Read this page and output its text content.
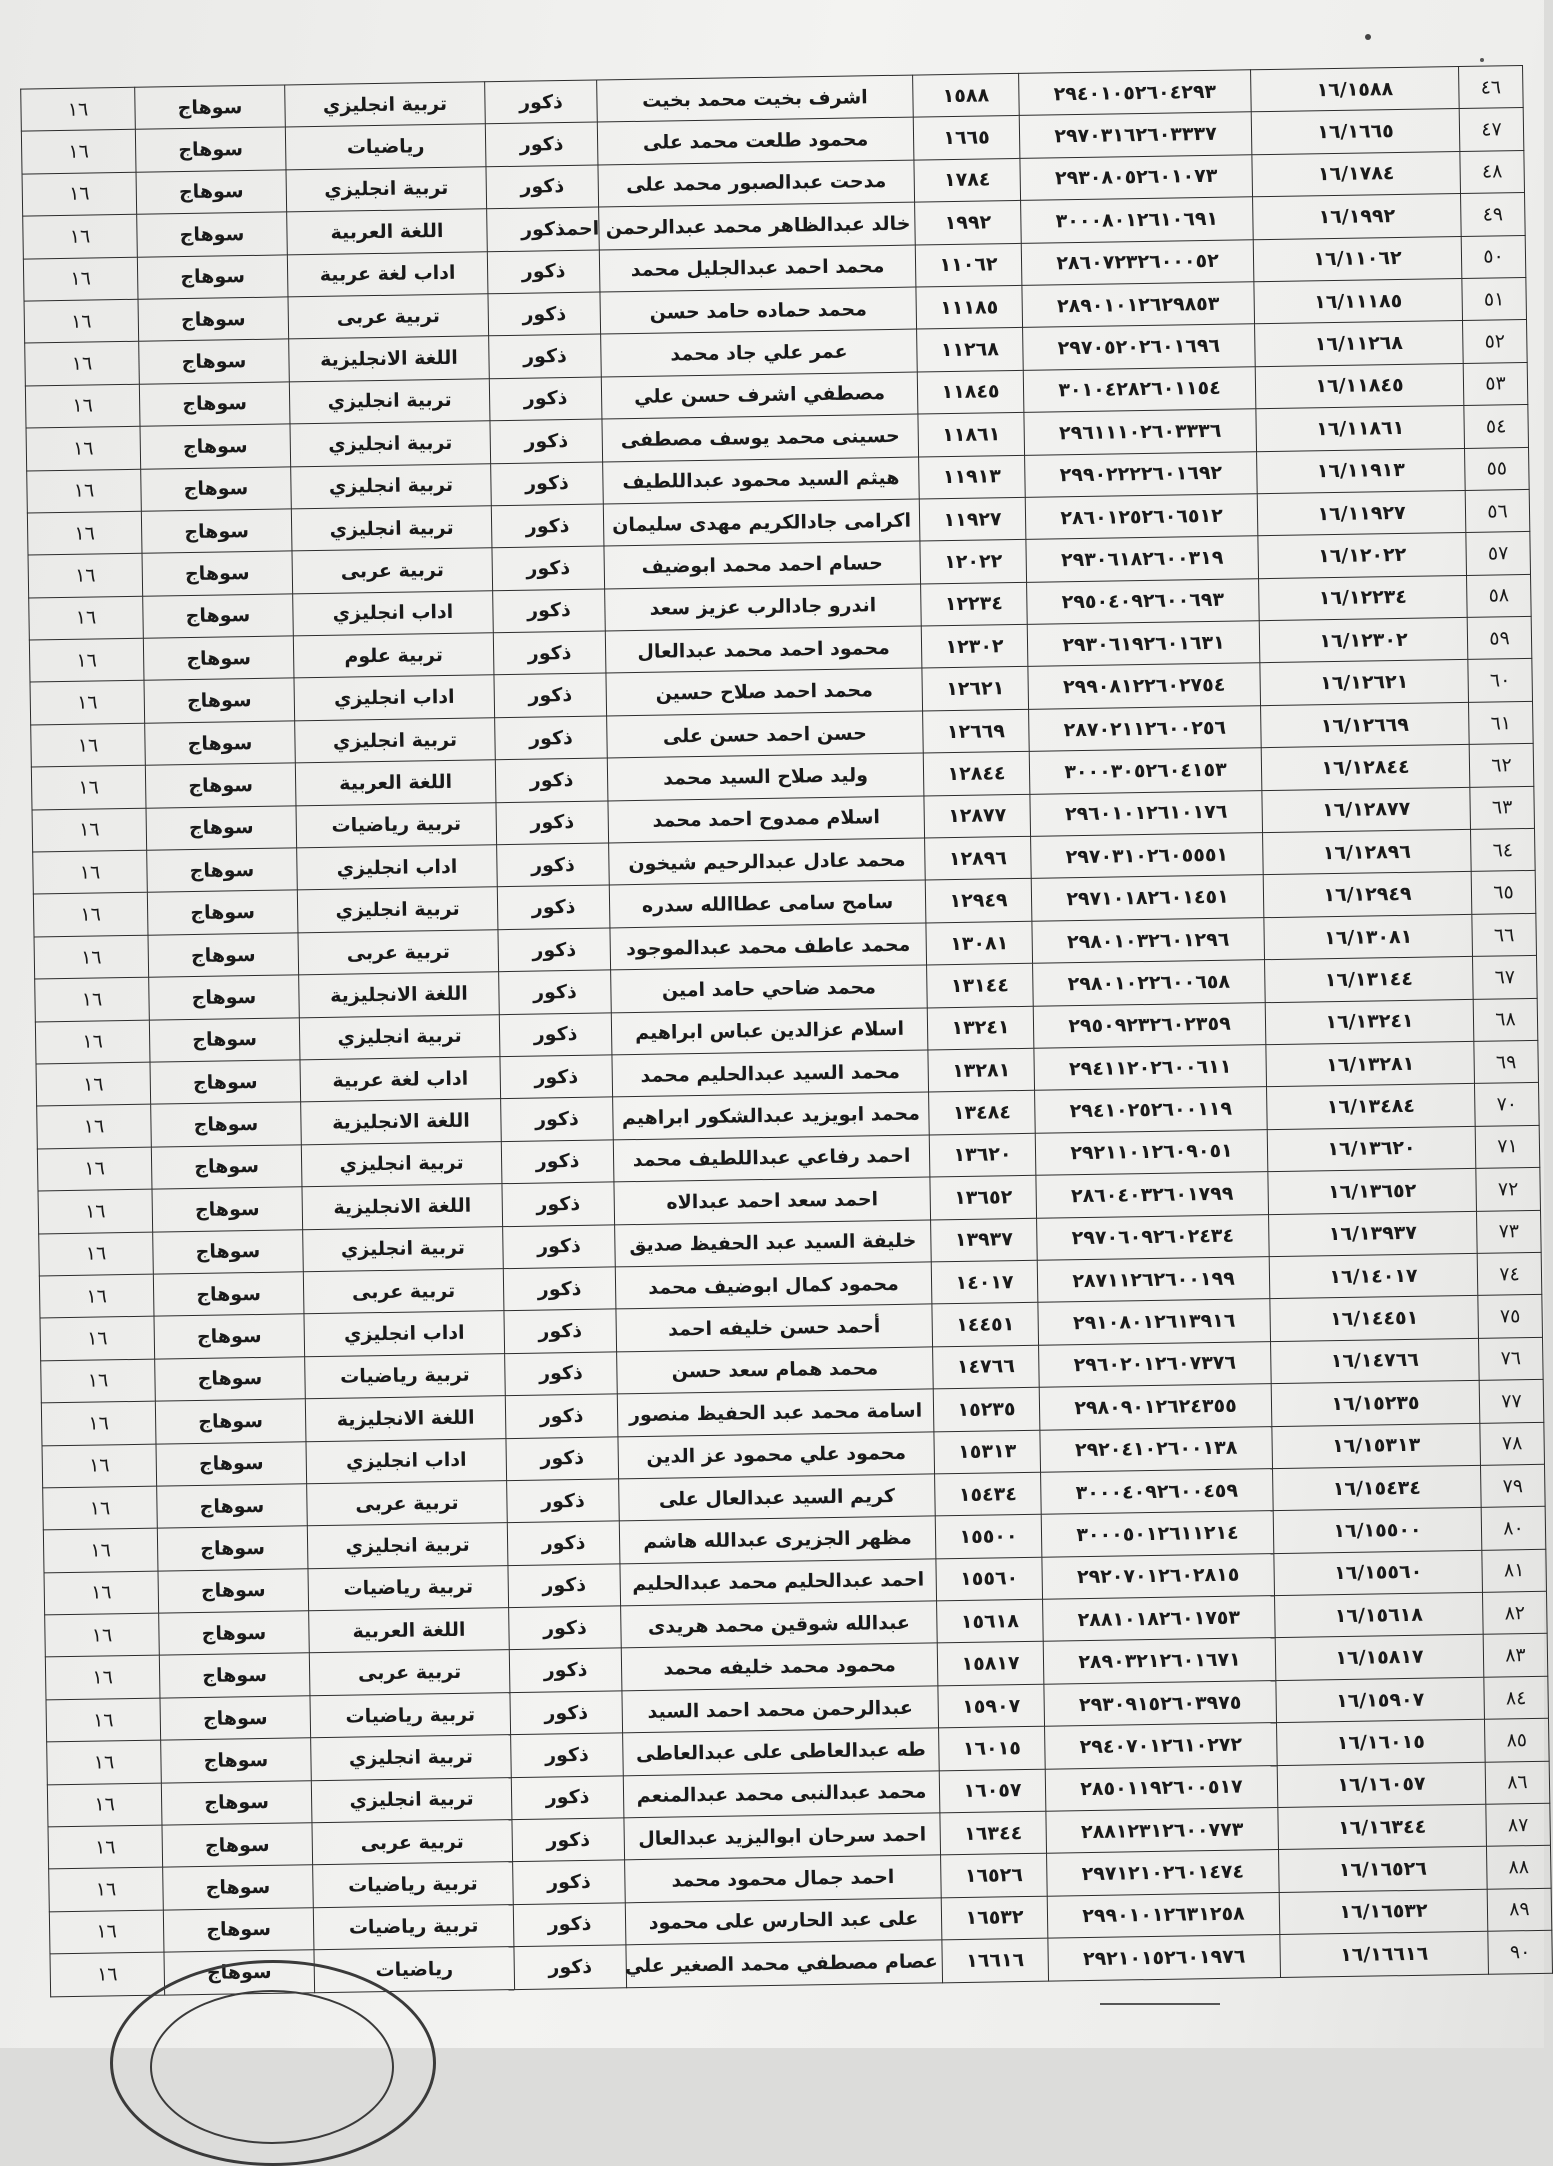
٤٦	١٦/١٥٨٨	٢٩٤٠١٠٥٢٦٠٤٢٩٣	١٥٨٨	اشرف بخيت محمد بخيت	ذكور	تربية انجليزي	سوهاج	١٦
٤٧	١٦/١٦٦٥	٢٩٧٠٣١٦٢٦٠٣٣٣٧	١٦٦٥	محمود طلعت محمد على	ذكور	رياضيات	سوهاج	١٦
٤٨	١٦/١٧٨٤	٢٩٣٠٨٠٥٢٦٠١٠٧٣	١٧٨٤	مدحت عبدالصبور محمد على	ذكور	تربية انجليزي	سوهاج	١٦
٤٩	١٦/١٩٩٢	٣٠٠٠٨٠١٢٦١٠٦٩١	١٩٩٢	خالد عبدالظاهر محمد عبدالرحمن احمد	ذكور	اللغة العربية	سوهاج	١٦
٥٠	١٦/١١٠٦٢	٢٨٦٠٧٢٣٢٦٠٠٠٥٢	١١٠٦٢	محمد احمد عبدالجليل محمد	ذكور	اداب لغة عربية	سوهاج	١٦
٥١	١٦/١١١٨٥	٢٨٩٠١٠١٢٦٢٩٨٥٣	١١١٨٥	محمد حماده حامد حسن	ذكور	تربية عربى	سوهاج	١٦
٥٢	١٦/١١٢٦٨	٢٩٧٠٥٢٠٢٦٠١٦٩٦	١١٢٦٨	عمر علي جاد محمد	ذكور	اللغة الانجليزية	سوهاج	١٦
٥٣	١٦/١١٨٤٥	٣٠١٠٤٢٨٢٦٠١١٥٤	١١٨٤٥	مصطفي اشرف حسن علي	ذكور	تربية انجليزي	سوهاج	١٦
٥٤	١٦/١١٨٦١	٢٩٦١١١٠٢٦٠٣٣٣٦	١١٨٦١	حسينى محمد يوسف مصطفى	ذكور	تربية انجليزي	سوهاج	١٦
٥٥	١٦/١١٩١٣	٢٩٩٠٢٢٢٢٦٠١٦٩٢	١١٩١٣	هيثم السيد محمود عبداللطيف	ذكور	تربية انجليزي	سوهاج	١٦
٥٦	١٦/١١٩٢٧	٢٨٦٠١٢٥٢٦٠٦٥١٢	١١٩٢٧	اكرامى جادالكريم مهدى سليمان	ذكور	تربية انجليزي	سوهاج	١٦
٥٧	١٦/١٢٠٢٢	٢٩٣٠٦١٨٢٦٠٠٣١٩	١٢٠٢٢	حسام احمد محمد ابوضيف	ذكور	تربية عربى	سوهاج	١٦
٥٨	١٦/١٢٢٣٤	٢٩٥٠٤٠٩٢٦٠٠٦٩٣	١٢٢٣٤	اندرو جادالرب عزيز سعد	ذكور	اداب انجليزي	سوهاج	١٦
٥٩	١٦/١٢٣٠٢	٢٩٣٠٦١٩٢٦٠١٦٣١	١٢٣٠٢	محمود احمد محمد عبدالعال	ذكور	تربية علوم	سوهاج	١٦
٦٠	١٦/١٢٦٢١	٢٩٩٠٨١٢٢٦٠٢٧٥٤	١٢٦٢١	محمد احمد صلاح حسين	ذكور	اداب انجليزي	سوهاج	١٦
٦١	١٦/١٢٦٦٩	٢٨٧٠٢١١٢٦٠٠٢٥٦	١٢٦٦٩	حسن احمد حسن على	ذكور	تربية انجليزي	سوهاج	١٦
٦٢	١٦/١٢٨٤٤	٣٠٠٠٣٠٥٢٦٠٤١٥٣	١٢٨٤٤	وليد صلاح السيد محمد	ذكور	اللغة العربية	سوهاج	١٦
٦٣	١٦/١٢٨٧٧	٢٩٦٠١٠١٢٦١٠١٧٦	١٢٨٧٧	اسلام ممدوح احمد محمد	ذكور	تربية رياضيات	سوهاج	١٦
٦٤	١٦/١٢٨٩٦	٢٩٧٠٣١٠٢٦٠٥٥٥١	١٢٨٩٦	محمد عادل عبدالرحيم شيخون	ذكور	اداب انجليزي	سوهاج	١٦
٦٥	١٦/١٢٩٤٩	٢٩٧١٠١٨٢٦٠١٤٥١	١٢٩٤٩	سامح سامى عطاالله سدره	ذكور	تربية انجليزي	سوهاج	١٦
٦٦	١٦/١٣٠٨١	٢٩٨٠١٠٣٢٦٠١٢٩٦	١٣٠٨١	محمد عاطف محمد عبدالموجود	ذكور	تربية عربى	سوهاج	١٦
٦٧	١٦/١٣١٤٤	٢٩٨٠١٠٢٢٦٠٠٦٥٨	١٣١٤٤	محمد ضاحي حامد امين	ذكور	اللغة الانجليزية	سوهاج	١٦
٦٨	١٦/١٣٢٤١	٢٩٥٠٩٢٣٢٦٠٢٣٥٩	١٣٢٤١	اسلام عزالدين عباس ابراهيم	ذكور	تربية انجليزي	سوهاج	١٦
٦٩	١٦/١٣٢٨١	٢٩٤١١٢٠٢٦٠٠٦١١	١٣٢٨١	محمد السيد عبدالحليم محمد	ذكور	اداب لغة عربية	سوهاج	١٦
٧٠	١٦/١٣٤٨٤	٢٩٤١٠٢٥٢٦٠٠١١٩	١٣٤٨٤	محمد ابويزيد عبدالشكور ابراهيم	ذكور	اللغة الانجليزية	سوهاج	١٦
٧١	١٦/١٣٦٢٠	٢٩٢١١٠١٢٦٠٩٠٥١	١٣٦٢٠	احمد رفاعي عبداللطيف محمد	ذكور	تربية انجليزي	سوهاج	١٦
٧٢	١٦/١٣٦٥٢	٢٨٦٠٤٠٣٢٦٠١٧٩٩	١٣٦٥٢	احمد سعد احمد عبدالاه	ذكور	اللغة الانجليزية	سوهاج	١٦
٧٣	١٦/١٣٩٣٧	٢٩٧٠٦٠٩٢٦٠٢٤٣٤	١٣٩٣٧	خليفة السيد عبد الحفيظ صديق	ذكور	تربية انجليزي	سوهاج	١٦
٧٤	١٦/١٤٠١٧	٢٨٧١١٢٦٢٦٠٠١٩٩	١٤٠١٧	محمود كمال ابوضيف محمد	ذكور	تربية عربى	سوهاج	١٦
٧٥	١٦/١٤٤٥١	٢٩١٠٨٠١٢٦١٣٩١٦	١٤٤٥١	أحمد حسن خليفه احمد	ذكور	اداب انجليزي	سوهاج	١٦
٧٦	١٦/١٤٧٦٦	٢٩٦٠٢٠١٢٦٠٧٣٧٦	١٤٧٦٦	محمد همام سعد حسن	ذكور	تربية رياضيات	سوهاج	١٦
٧٧	١٦/١٥٢٣٥	٢٩٨٠٩٠١٢٦٢٤٣٥٥	١٥٢٣٥	اسامة محمد عبد الحفيظ منصور	ذكور	اللغة الانجليزية	سوهاج	١٦
٧٨	١٦/١٥٣١٣	٢٩٢٠٤١٠٢٦٠٠١٣٨	١٥٣١٣	محمود علي محمود عز الدين	ذكور	اداب انجليزي	سوهاج	١٦
٧٩	١٦/١٥٤٣٤	٣٠٠٠٤٠٩٢٦٠٠٤٥٩	١٥٤٣٤	كريم السيد عبدالعال على	ذكور	تربية عربى	سوهاج	١٦
٨٠	١٦/١٥٥٠٠	٣٠٠٠٥٠١٢٦١١٢١٤	١٥٥٠٠	مظهر الجزيرى عبدالله هاشم	ذكور	تربية انجليزي	سوهاج	١٦
٨١	١٦/١٥٥٦٠	٢٩٢٠٧٠١٢٦٠٢٨١٥	١٥٥٦٠	احمد عبدالحليم محمد عبدالحليم	ذكور	تربية رياضيات	سوهاج	١٦
٨٢	١٦/١٥٦١٨	٢٨٨١٠١٨٢٦٠١٧٥٣	١٥٦١٨	عبدالله شوقين محمد هريدى	ذكور	اللغة العربية	سوهاج	١٦
٨٣	١٦/١٥٨١٧	٢٨٩٠٣٢١٢٦٠١٦٧١	١٥٨١٧	محمود محمد خليفه محمد	ذكور	تربية عربى	سوهاج	١٦
٨٤	١٦/١٥٩٠٧	٢٩٣٠٩١٥٢٦٠٣٩٧٥	١٥٩٠٧	عبدالرحمن محمد احمد السيد	ذكور	تربية رياضيات	سوهاج	١٦
٨٥	١٦/١٦٠١٥	٢٩٤٠٧٠١٢٦١٠٢٧٢	١٦٠١٥	طه عبدالعاطى على عبدالعاطى	ذكور	تربية انجليزي	سوهاج	١٦
٨٦	١٦/١٦٠٥٧	٢٨٥٠١١٩٢٦٠٠٥١٧	١٦٠٥٧	محمد عبدالنبى محمد عبدالمنعم	ذكور	تربية انجليزي	سوهاج	١٦
٨٧	١٦/١٦٣٤٤	٢٨٨١٢٣١٢٦٠٠٧٧٣	١٦٣٤٤	احمد سرحان ابواليزيد عبدالعال	ذكور	تربية عربى	سوهاج	١٦
٨٨	١٦/١٦٥٢٦	٢٩٧١٢١٠٢٦٠١٤٧٤	١٦٥٢٦	احمد جمال محمود محمد	ذكور	تربية رياضيات	سوهاج	١٦
٨٩	١٦/١٦٥٣٢	٢٩٩٠١٠١٢٦٣١٢٥٨	١٦٥٣٢	على عبد الحارس على محمود	ذكور	تربية رياضيات	سوهاج	١٦
٩٠	١٦/١٦٦١٦	٢٩٢١٠١٥٢٦٠١٩٧٦	١٦٦١٦	عصام مصطفي محمد الصغير علي	ذكور	رياضيات	سوهاج	١٦
